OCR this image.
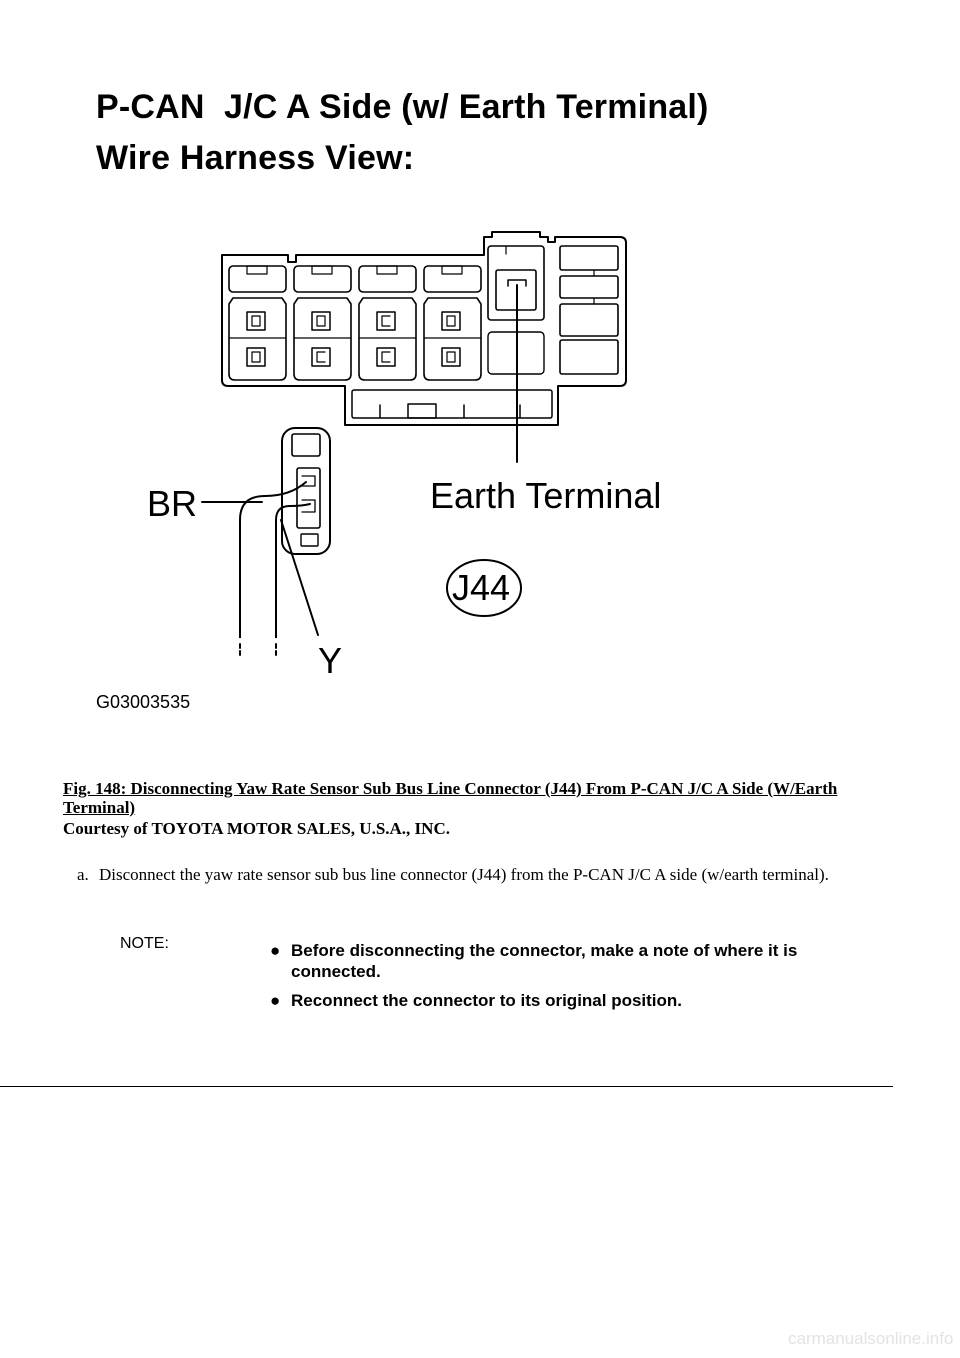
P-CAN  J/C A Side (w/ Earth Terminal)
Wire Harness View:
BR
Y
Earth Terminal
J44
G03003535
Fig. 148: Disconnecting Yaw Rate Sensor Sub Bus Line Connector (J44) From P-CAN J/C A Side (W/Earth Terminal)
Courtesy of TOYOTA MOTOR SALES, U.S.A., INC.
a. Disconnect the yaw rate sensor sub bus line connector (J44) from the P-CAN J/C A side (w/earth terminal).
NOTE:	● Before disconnecting the connector, make a note of where it is connected.
● Reconnect the connector to its original position.
carmanualsonline.info
